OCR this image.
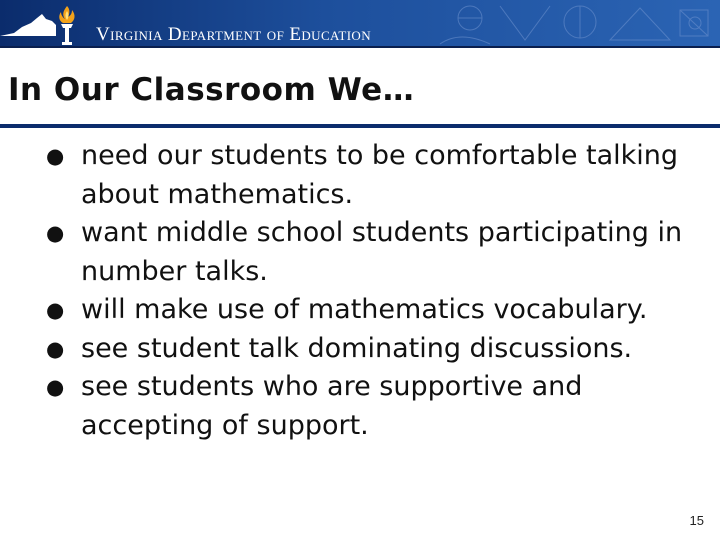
Virginia Department of Education
In Our Classroom We…
● need our students to be comfortable talking about mathematics.
● want middle school students participating in number talks.
● will make use of mathematics vocabulary.
● see student talk dominating discussions.
● see students who are supportive and accepting of support.
15
